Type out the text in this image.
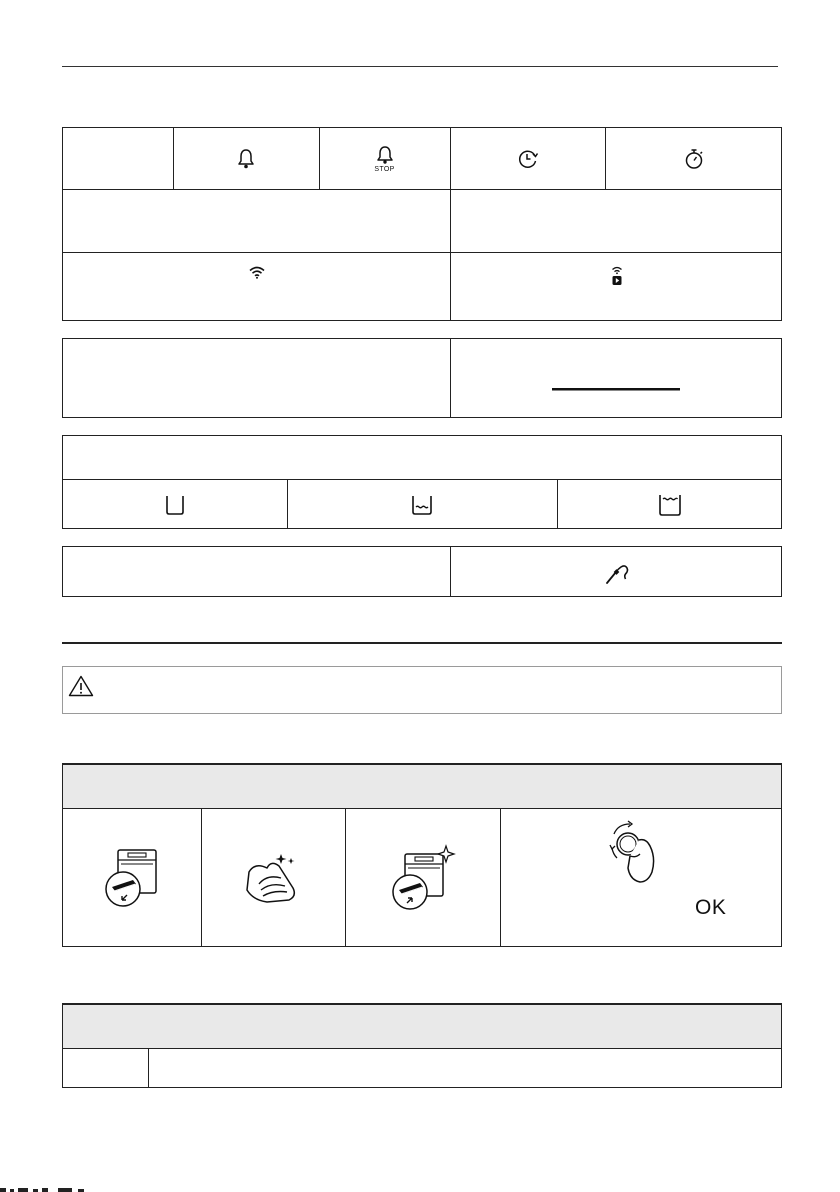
STOP
OK
